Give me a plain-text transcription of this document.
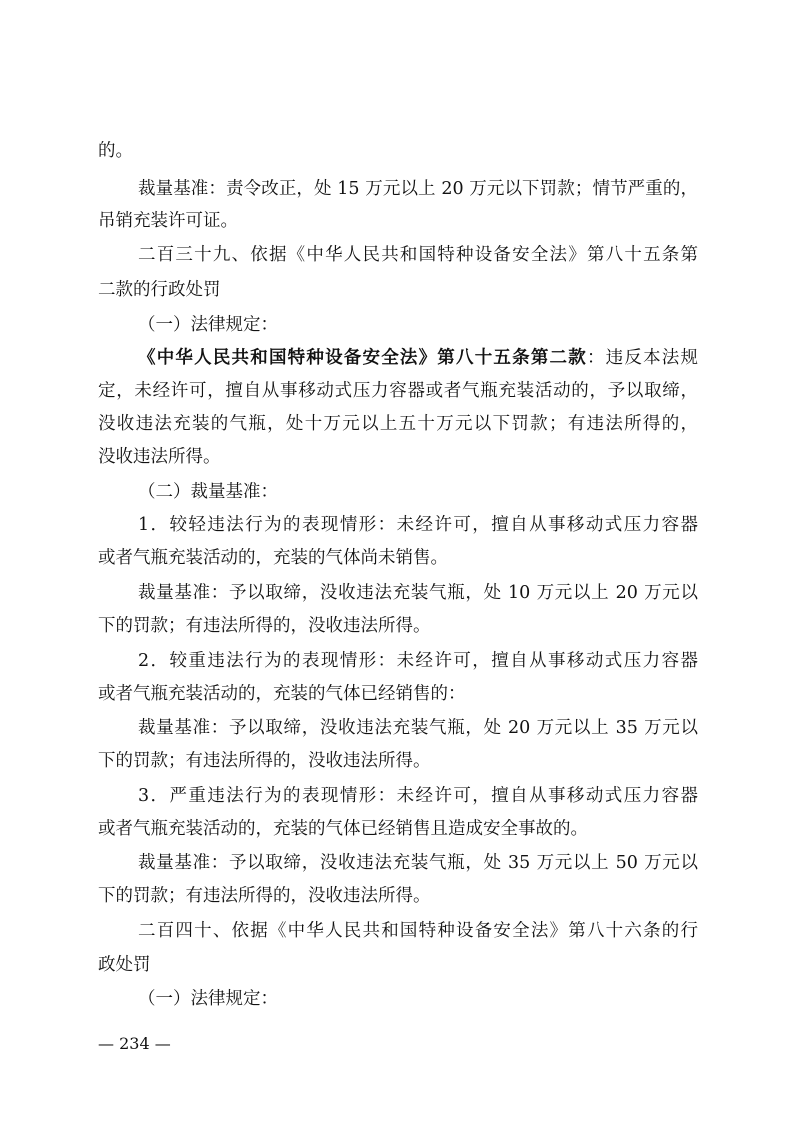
的。
裁量基准：责令改正，处 15 万元以上 20 万元以下罚款；情节严重的，
吊销充装许可证。
二百三十九、依据《中华人民共和国特种设备安全法》第八十五条第
二款的行政处罚
（一）法律规定：
《中华人民共和国特种设备安全法》第八十五条第二款：违反本法规
定，未经许可，擅自从事移动式压力容器或者气瓶充装活动的，予以取缔，
没收违法充装的气瓶，处十万元以上五十万元以下罚款；有违法所得的，
没收违法所得。
（二）裁量基准：
1．较轻违法行为的表现情形：未经许可，擅自从事移动式压力容器
或者气瓶充装活动的，充装的气体尚未销售。
裁量基准：予以取缔，没收违法充装气瓶，处 10 万元以上 20 万元以
下的罚款；有违法所得的，没收违法所得。
2．较重违法行为的表现情形：未经许可，擅自从事移动式压力容器
或者气瓶充装活动的，充装的气体已经销售的：
裁量基准：予以取缔，没收违法充装气瓶，处 20 万元以上 35 万元以
下的罚款；有违法所得的，没收违法所得。
3．严重违法行为的表现情形：未经许可，擅自从事移动式压力容器
或者气瓶充装活动的，充装的气体已经销售且造成安全事故的。
裁量基准：予以取缔，没收违法充装气瓶，处 35 万元以上 50 万元以
下的罚款；有违法所得的，没收违法所得。
二百四十、依据《中华人民共和国特种设备安全法》第八十六条的行
政处罚
（一）法律规定：
— 234 —
